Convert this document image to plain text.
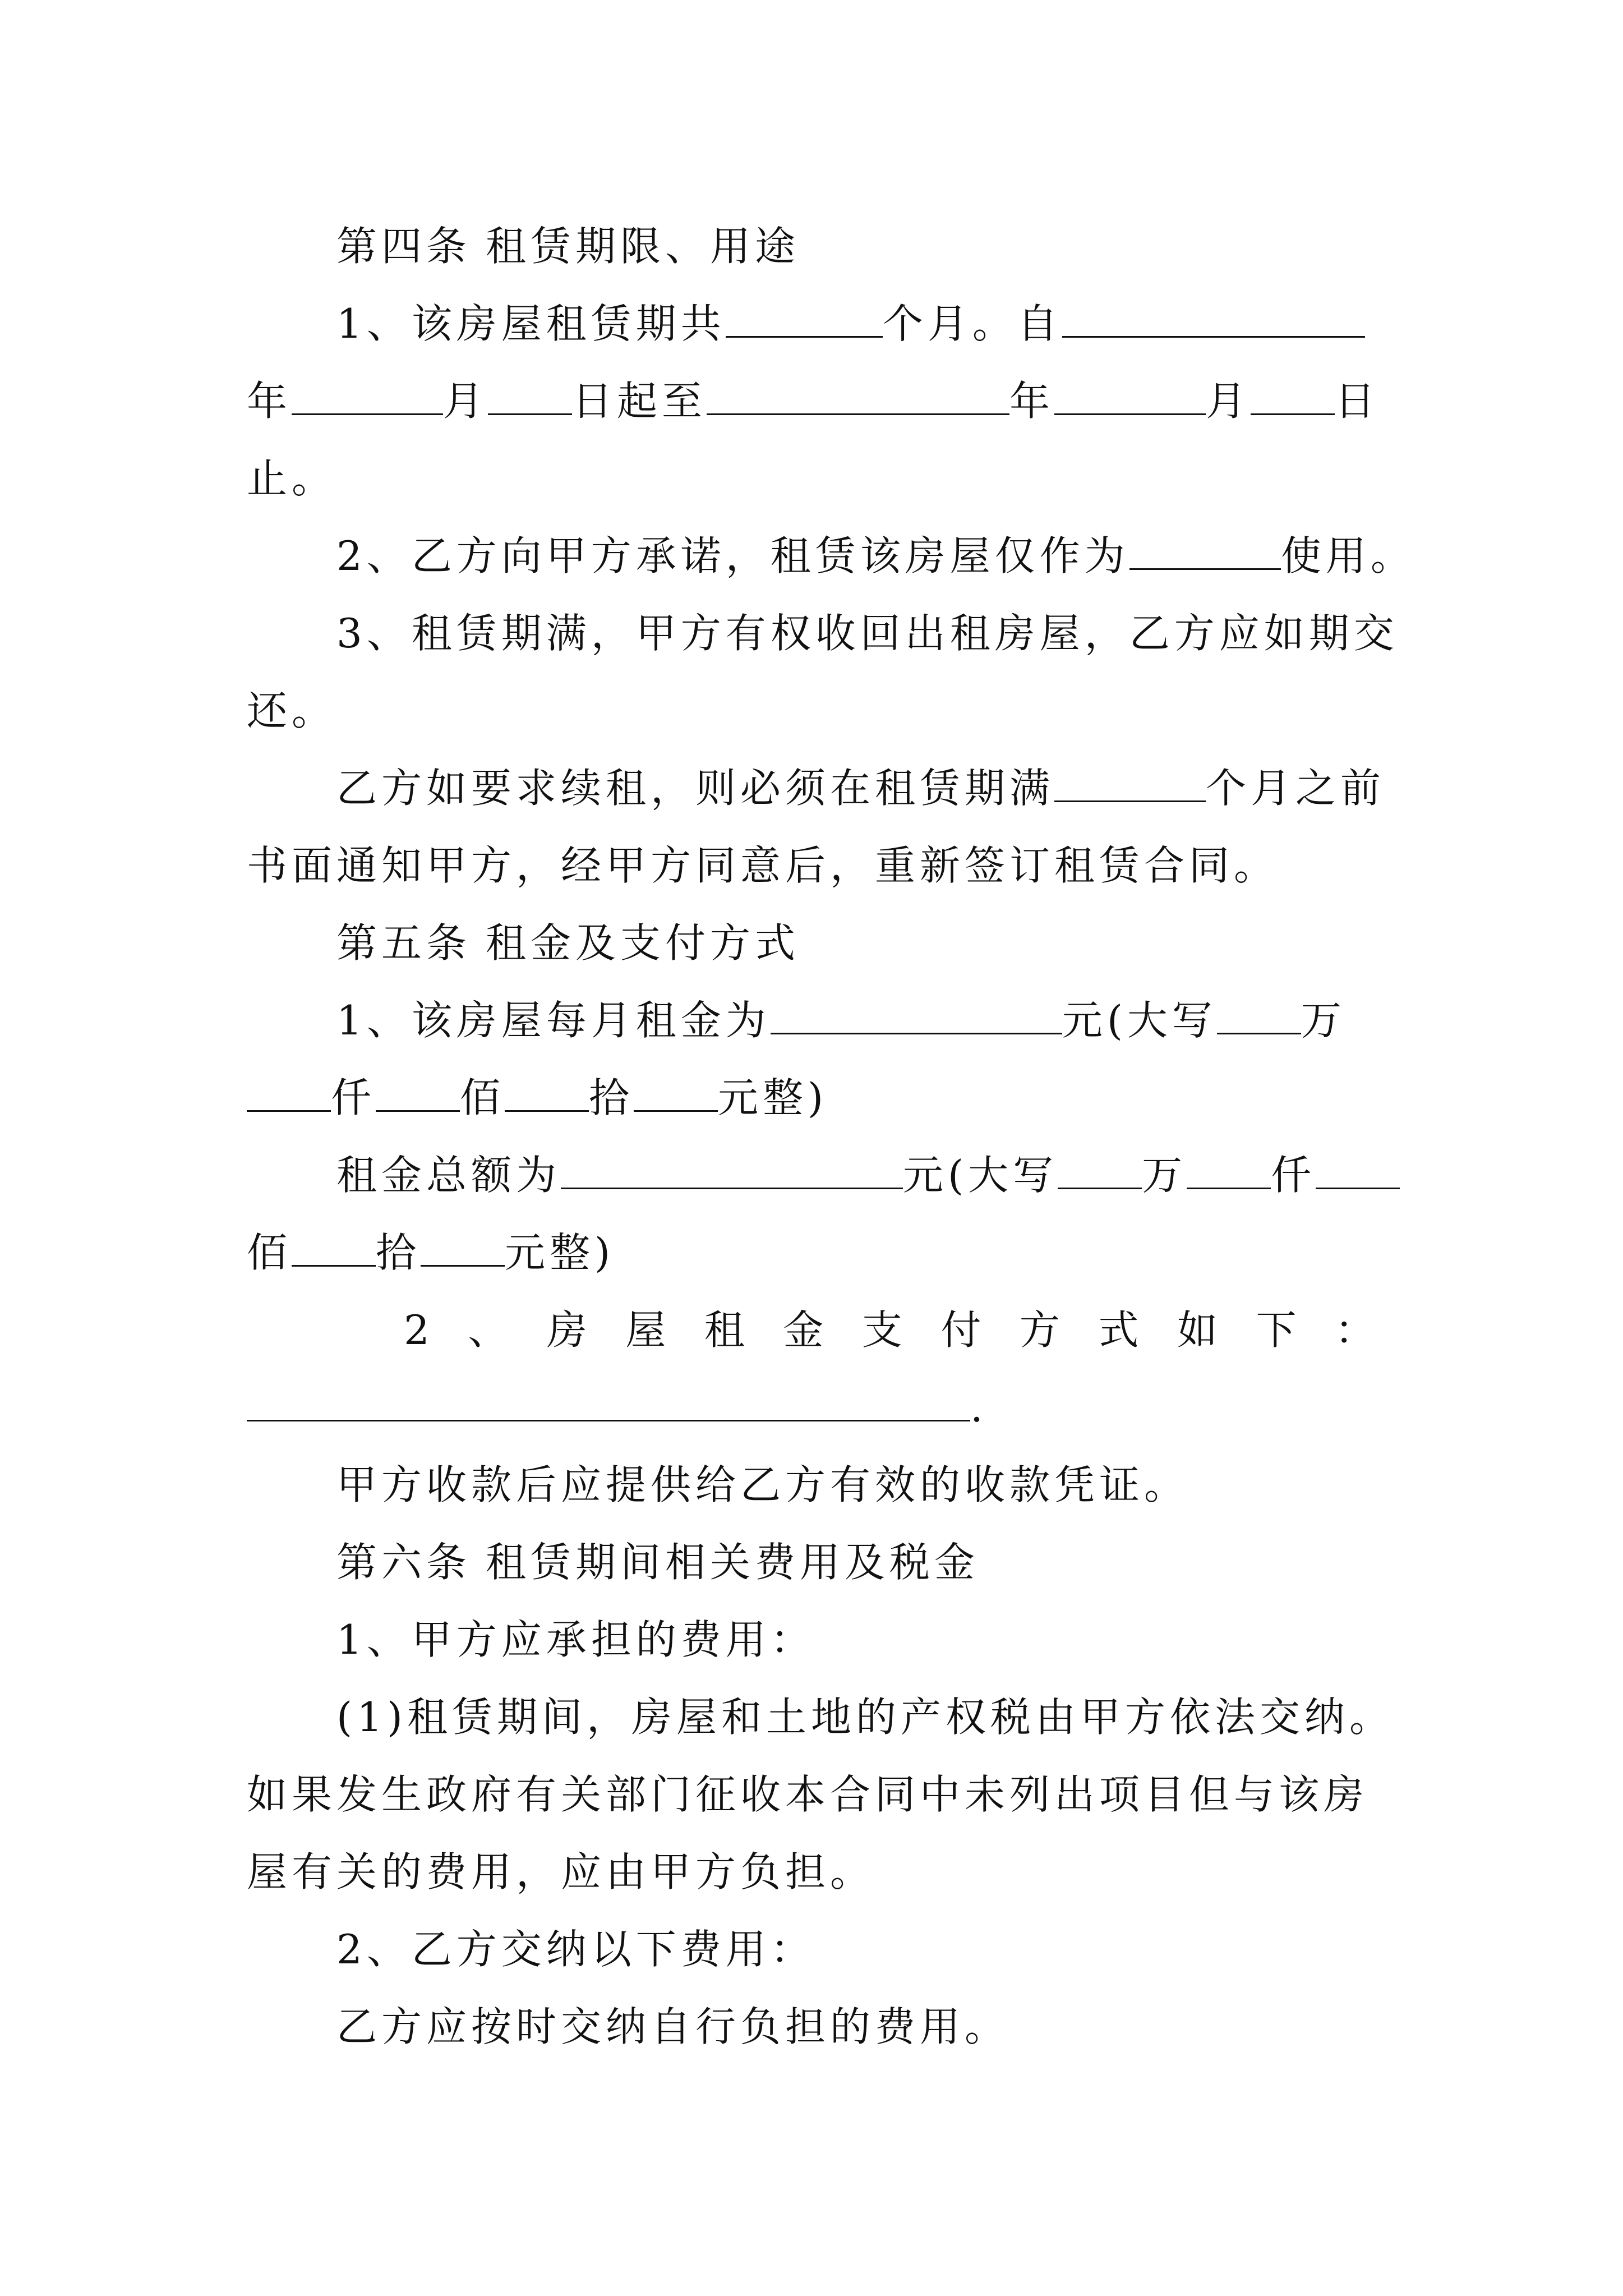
第四条 租赁期限、用途
1、该房屋租赁期共	个月。自
年	月 日起至	年	月 日
止。
2、乙方向甲方承诺，租赁该房屋仅作为	使用。
3、租赁期满，甲方有权收回出租房屋，乙方应如期交
还。
乙方如要求续租，则必须在租赁期满	个月之前
书面通知甲方，经甲方同意后，重新签订租赁合同。
第五条 租金及支付方式
1、该房屋每月租金为	元(大写 万
仟 佰 拾 元整)
租金总额为	元(大写 万 仟
佰 拾 元整)
2 、 房 屋 租 金 支 付 方 式 如 下 ：
.
甲方收款后应提供给乙方有效的收款凭证。
第六条 租赁期间相关费用及税金
1、甲方应承担的费用：
(1)租赁期间，房屋和土地的产权税由甲方依法交纳。
如果发生政府有关部门征收本合同中未列出项目但与该房
屋有关的费用，应由甲方负担。
2、乙方交纳以下费用：
乙方应按时交纳自行负担的费用。
